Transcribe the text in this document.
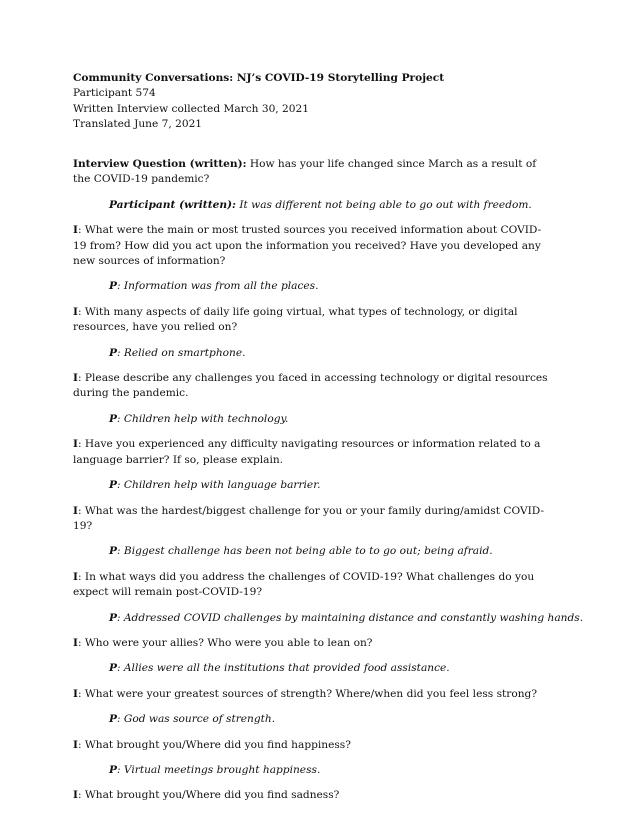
Community Conversations: NJ’s COVID-19 Storytelling Project
Participant 574
Written Interview collected March 30, 2021
Translated June 7, 2021

Interview Question (written): How has your life changed since March as a result of the COVID-19 pandemic?

Participant (written): It was different not being able to go out with freedom.

I: What were the main or most trusted sources you received information about COVID-19 from? How did you act upon the information you received? Have you developed any new sources of information?

P: Information was from all the places.

I: With many aspects of daily life going virtual, what types of technology, or digital resources, have you relied on?

P: Relied on smartphone.

I: Please describe any challenges you faced in accessing technology or digital resources during the pandemic.

P: Children help with technology.

I: Have you experienced any difficulty navigating resources or information related to a language barrier? If so, please explain.

P: Children help with language barrier.

I: What was the hardest/biggest challenge for you or your family during/amidst COVID-19?

P: Biggest challenge has been not being able to to go out; being afraid.

I: In what ways did you address the challenges of COVID-19? What challenges do you expect will remain post-COVID-19?

P: Addressed COVID challenges by maintaining distance and constantly washing hands.

I: Who were your allies? Who were you able to lean on?

P: Allies were all the institutions that provided food assistance.

I: What were your greatest sources of strength? Where/when did you feel less strong?

P: God was source of strength.

I: What brought you/Where did you find happiness?

P: Virtual meetings brought happiness.

I: What brought you/Where did you find sadness?
